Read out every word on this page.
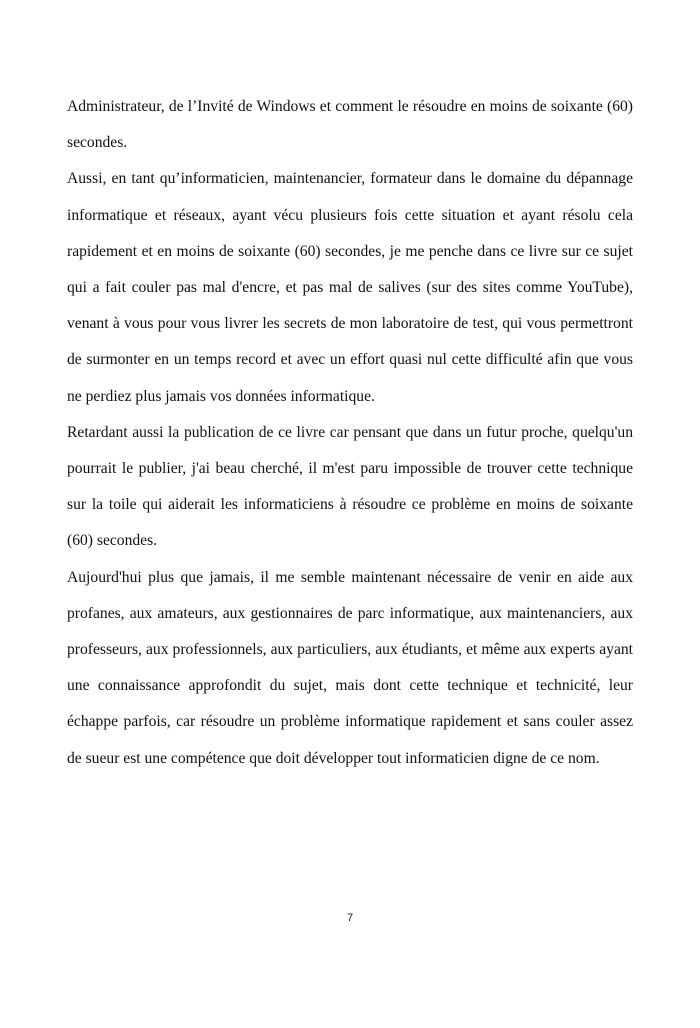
Administrateur, de l’Invité de Windows et comment le résoudre en moins de soixante (60) secondes.

Aussi, en tant qu’informaticien, maintenancier, formateur dans le domaine du dépannage informatique et réseaux, ayant vécu plusieurs fois cette situation et ayant résolu cela rapidement et en moins de soixante (60) secondes, je me penche dans ce livre sur ce sujet qui a fait couler pas mal d'encre, et pas mal de salives (sur des sites comme YouTube), venant à vous pour vous livrer les secrets de mon laboratoire de test, qui vous permettront de surmonter en un temps record et avec un effort quasi nul cette difficulté afin que vous ne perdiez plus jamais vos données informatique.

Retardant aussi la publication de ce livre car pensant que dans un futur proche, quelqu'un pourrait le publier, j'ai beau cherché, il m'est paru impossible de trouver cette technique sur la toile qui aiderait les informaticiens à résoudre ce problème en moins de soixante (60) secondes.

Aujourd'hui plus que jamais, il me semble maintenant nécessaire de venir en aide aux profanes, aux amateurs, aux gestionnaires de parc informatique, aux maintenanciers, aux professeurs, aux professionnels, aux particuliers, aux étudiants, et même aux experts ayant une connaissance approfondit du sujet, mais dont cette technique et technicité, leur échappe parfois, car résoudre un problème informatique rapidement et sans couler assez de sueur est une compétence que doit développer tout informaticien digne de ce nom.

7
